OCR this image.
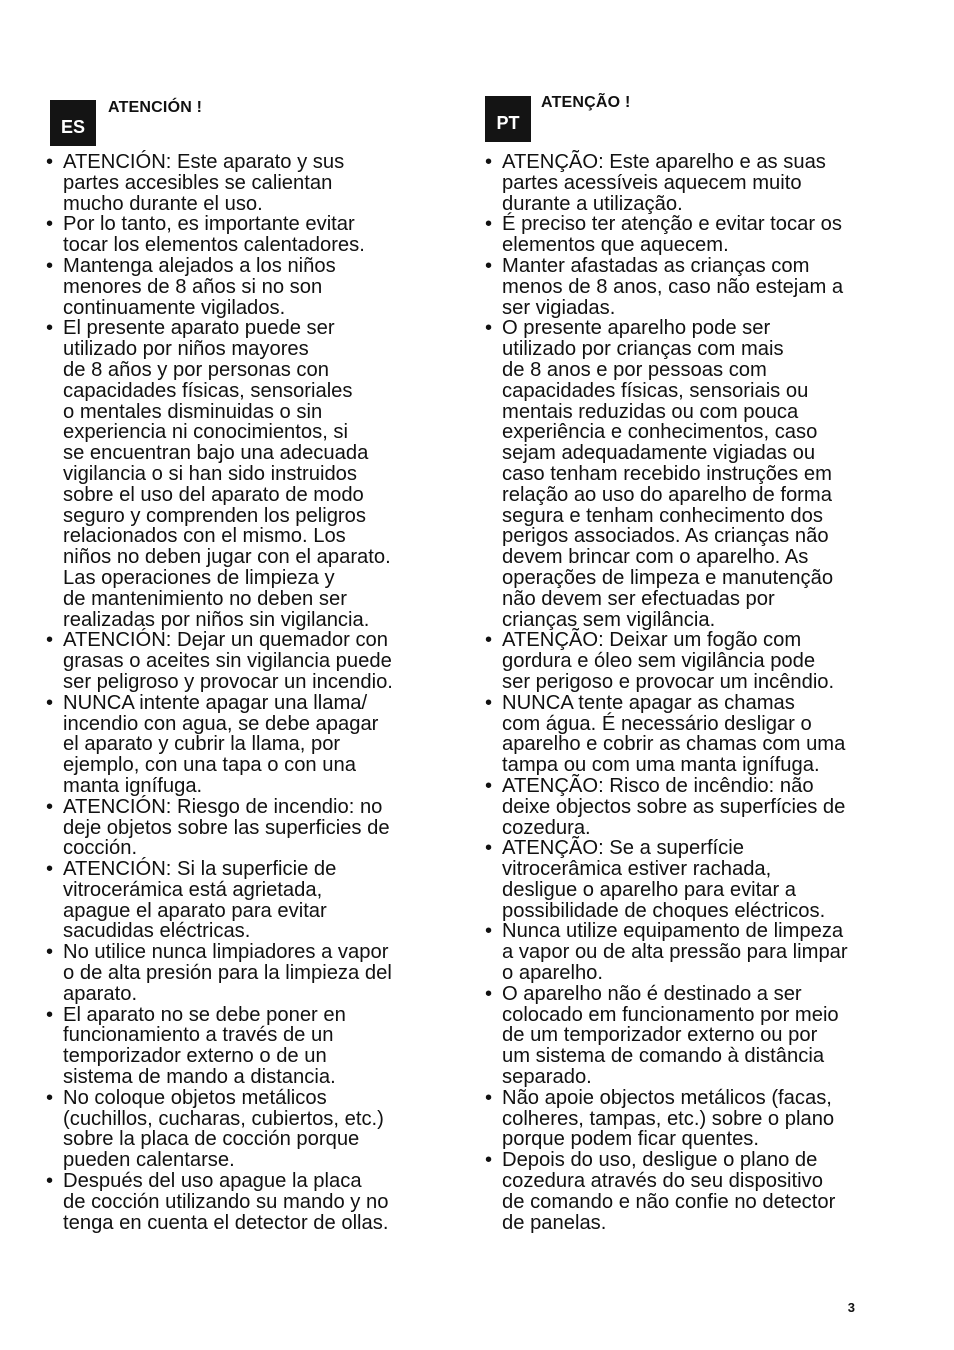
ES
ATENCIÓN !
• ATENCIÓN: Este aparato y sus
partes accesibles se calientan
mucho durante el uso.
• Por lo tanto, es importante evitar
tocar los elementos calentadores.
• Mantenga alejados a los niños
menores de 8 años si no son
continuamente vigilados.
• El presente aparato puede ser
utilizado por niños mayores
de 8 años y por personas con
capacidades físicas, sensoriales
o mentales disminuidas o sin
experiencia ni conocimientos, si
se encuentran bajo una adecuada
vigilancia o si han sido instruidos
sobre el uso del aparato de modo
seguro y comprenden los peligros
relacionados con el mismo. Los
niños no deben jugar con el aparato.
Las operaciones de limpieza y
de mantenimiento no deben ser
realizadas por niños sin vigilancia.
• ATENCIÓN: Dejar un quemador con
grasas o aceites sin vigilancia puede
ser peligroso y provocar un incendio.
• NUNCA intente apagar una llama/
incendio con agua, se debe apagar
el aparato y cubrir la llama, por
ejemplo, con una tapa o con una
manta ignífuga.
• ATENCIÓN: Riesgo de incendio: no
deje objetos sobre las superficies de
cocción.
• ATENCIÓN: Si la superficie de
vitrocerámica está agrietada,
apague el aparato para evitar
sacudidas eléctricas.
• No utilice nunca limpiadores a vapor
o de alta presión para la limpieza del
aparato.
• El aparato no se debe poner en
funcionamiento a través de un
temporizador externo o de un
sistema de mando a distancia.
• No coloque objetos metálicos
(cuchillos, cucharas, cubiertos, etc.)
sobre la placa de cocción porque
pueden calentarse.
• Después del uso apague la placa
de cocción utilizando su mando y no
tenga en cuenta el detector de ollas.
PT
ATENÇÃO !
• ATENÇÃO: Este aparelho e as suas
partes acessíveis aquecem muito
durante a utilização.
• É preciso ter atenção e evitar tocar os
elementos que aquecem.
• Manter afastadas as crianças com
menos de 8 anos, caso não estejam a
ser vigiadas.
• O presente aparelho pode ser
utilizado por crianças com mais
de 8 anos e por pessoas com
capacidades físicas, sensoriais ou
mentais reduzidas ou com pouca
experiência e conhecimentos, caso
sejam adequadamente vigiadas ou
caso tenham recebido instruções em
relação ao uso do aparelho de forma
segura e tenham conhecimento dos
perigos associados. As crianças não
devem brincar com o aparelho. As
operações de limpeza e manutenção
não devem ser efectuadas por
crianças sem vigilância.
• ATENÇÃO: Deixar um fogão com
gordura e óleo sem vigilância pode
ser perigoso e provocar um incêndio.
• NUNCA tente apagar as chamas
com água. É necessário desligar o
aparelho e cobrir as chamas com uma
tampa ou com uma manta ignífuga.
• ATENÇÃO: Risco de incêndio: não
deixe objectos sobre as superfícies de
cozedura.
• ATENÇÃO: Se a superfície
vitrocerâmica estiver rachada,
desligue o aparelho para evitar a
possibilidade de choques eléctricos.
• Nunca utilize equipamento de limpeza
a vapor ou de alta pressão para limpar
o aparelho.
• O aparelho não é destinado a ser
colocado em funcionamento por meio
de um temporizador externo ou por
um sistema de comando à distância
separado.
• Não apoie objectos metálicos (facas,
colheres, tampas, etc.) sobre o plano
porque podem ficar quentes.
• Depois do uso, desligue o plano de
cozedura através do seu dispositivo
de comando e não confie no detector
de panelas.
3
